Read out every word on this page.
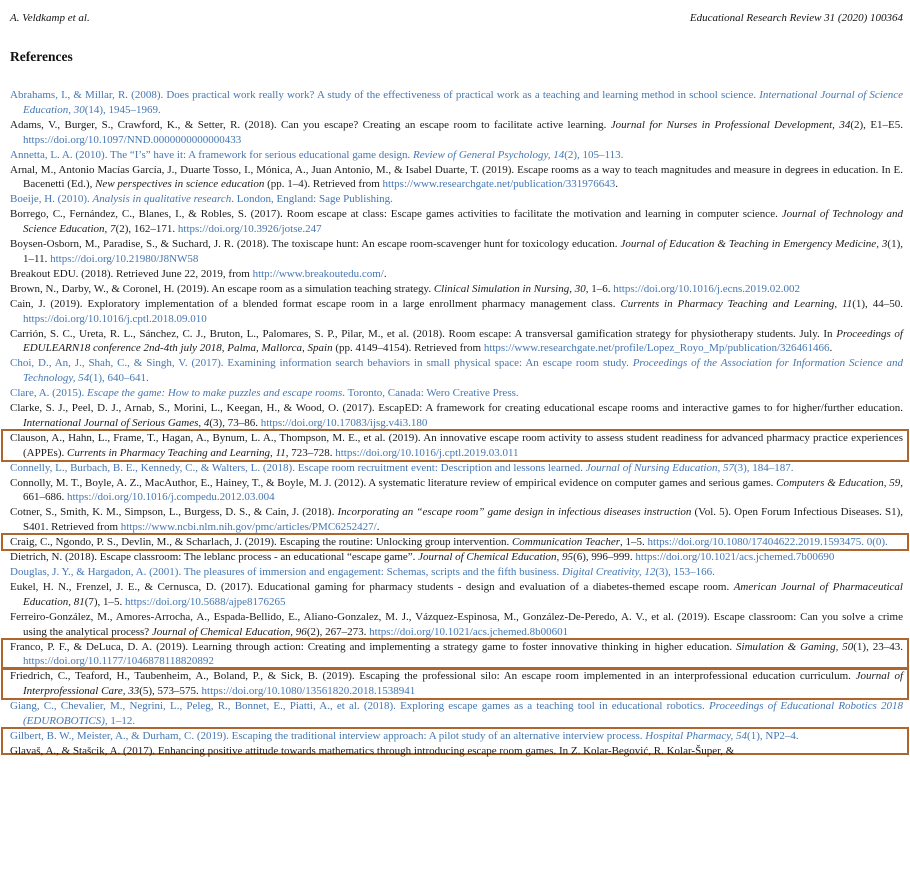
A. Veldkamp et al.	Educational Research Review 31 (2020) 100364
References

Abrahams, I., & Millar, R. (2008). Does practical work really work? A study of the effectiveness of practical work as a teaching and learning method in school science. International Journal of Science Education, 30(14), 1945–1969.

Adams, V., Burger, S., Crawford, K., & Setter, R. (2018). Can you escape? Creating an escape room to facilitate active learning. Journal for Nurses in Professional Development, 34(2), E1–E5. https://doi.org/10.1097/NND.0000000000000433

Annetta, L. A. (2010). The “I’s” have it: A framework for serious educational game design. Review of General Psychology, 14(2), 105–113.

Arnal, M., Antonio Macías García, J., Duarte Tosso, I., Mónica, A., Juan Antonio, M., & Isabel Duarte, T. (2019). Escape rooms as a way to teach magnitudes and measure in degrees in education. In E. Bacenetti (Ed.), New perspectives in science education (pp. 1–4). Retrieved from https://www.researchgate.net/publication/331976643.

Boeije, H. (2010). Analysis in qualitative research. London, England: Sage Publishing.

Borrego, C., Fernández, C., Blanes, I., & Robles, S. (2017). Room escape at class: Escape games activities to facilitate the motivation and learning in computer science. Journal of Technology and Science Education, 7(2), 162–171. https://doi.org/10.3926/jotse.247

Boysen-Osborn, M., Paradise, S., & Suchard, J. R. (2018). The toxiscape hunt: An escape room-scavenger hunt for toxicology education. Journal of Education & Teaching in Emergency Medicine, 3(1), 1–11. https://doi.org/10.21980/J8NW58

Breakout EDU. (2018). Retrieved June 22, 2019, from http://www.breakoutedu.com/.

Brown, N., Darby, W., & Coronel, H. (2019). An escape room as a simulation teaching strategy. Clinical Simulation in Nursing, 30, 1–6. https://doi.org/10.1016/j.ecns.2019.02.002

Cain, J. (2019). Exploratory implementation of a blended format escape room in a large enrollment pharmacy management class. Currents in Pharmacy Teaching and Learning, 11(1), 44–50. https://doi.org/10.1016/j.cptl.2018.09.010

Carrión, S. C., Ureta, R. L., Sánchez, C. J., Bruton, L., Palomares, S. P., Pilar, M., et al. (2018). Room escape: A transversal gamification strategy for physiotherapy students. July. In Proceedings of EDULEARN18 conference 2nd-4th july 2018, Palma, Mallorca, Spain (pp. 4149–4154). Retrieved from https://www.researchgate.net/profile/Lopez_Royo_Mp/publication/326461466.

Choi, D., An, J., Shah, C., & Singh, V. (2017). Examining information search behaviors in small physical space: An escape room study. Proceedings of the Association for Information Science and Technology, 54(1), 640–641.

Clare, A. (2015). Escape the game: How to make puzzles and escape rooms. Toronto, Canada: Wero Creative Press.

Clarke, S. J., Peel, D. J., Arnab, S., Morini, L., Keegan, H., & Wood, O. (2017). EscapED: A framework for creating educational escape rooms and interactive games to for higher/further education. International Journal of Serious Games, 4(3), 73–86. https://doi.org/10.17083/ijsg.v4i3.180

Clauson, A., Hahn, L., Frame, T., Hagan, A., Bynum, L. A., Thompson, M. E., et al. (2019). An innovative escape room activity to assess student readiness for advanced pharmacy practice experiences (APPEs). Currents in Pharmacy Teaching and Learning, 11, 723–728. https://doi.org/10.1016/j.cptl.2019.03.011

Connelly, L., Burbach, B. E., Kennedy, C., & Walters, L. (2018). Escape room recruitment event: Description and lessons learned. Journal of Nursing Education, 57(3), 184–187.

Connolly, M. T., Boyle, A. Z., MacAuthor, E., Hainey, T., & Boyle, M. J. (2012). A systematic literature review of empirical evidence on computer games and serious games. Computers & Education, 59, 661–686. https://doi.org/10.1016/j.compedu.2012.03.004

Cotner, S., Smith, K. M., Simpson, L., Burgess, D. S., & Cain, J. (2018). Incorporating an “escape room” game design in infectious diseases instruction (Vol. 5). Open Forum Infectious Diseases. S1), S401. Retrieved from https://www.ncbi.nlm.nih.gov/pmc/articles/PMC6252427/.

Craig, C., Ngondo, P. S., Devlin, M., & Scharlach, J. (2019). Escaping the routine: Unlocking group intervention. Communication Teacher, 1–5. https://doi.org/10.1080/17404622.2019.1593475. 0(0).

Dietrich, N. (2018). Escape classroom: The leblanc process - an educational “escape game”. Journal of Chemical Education, 95(6), 996–999. https://doi.org/10.1021/acs.jchemed.7b00690

Douglas, J. Y., & Hargadon, A. (2001). The pleasures of immersion and engagement: Schemas, scripts and the fifth business. Digital Creativity, 12(3), 153–166.

Eukel, H. N., Frenzel, J. E., & Cernusca, D. (2017). Educational gaming for pharmacy students - design and evaluation of a diabetes-themed escape room. American Journal of Pharmaceutical Education, 81(7), 1–5. https://doi.org/10.5688/ajpe8176265

Ferreiro-González, M., Amores-Arrocha, A., Espada-Bellido, E., Aliano-Gonzalez, M. J., Vázquez-Espinosa, M., González-De-Peredo, A. V., et al. (2019). Escape classroom: Can you solve a crime using the analytical process? Journal of Chemical Education, 96(2), 267–273. https://doi.org/10.1021/acs.jchemed.8b00601

Franco, P. F., & DeLuca, D. A. (2019). Learning through action: Creating and implementing a strategy game to foster innovative thinking in higher education. Simulation & Gaming, 50(1), 23–43. https://doi.org/10.1177/1046878118820892

Friedrich, C., Teaford, H., Taubenheim, A., Boland, P., & Sick, B. (2019). Escaping the professional silo: An escape room implemented in an interprofessional education curriculum. Journal of Interprofessional Care, 33(5), 573–575. https://doi.org/10.1080/13561820.2018.1538941

Giang, C., Chevalier, M., Negrini, L., Peleg, R., Bonnet, E., Piatti, A., et al. (2018). Exploring escape games as a teaching tool in educational robotics. Proceedings of Educational Robotics 2018 (EDUROBOTICS), 1–12.

Gilbert, B. W., Meister, A., & Durham, C. (2019). Escaping the traditional interview approach: A pilot study of an alternative interview process. Hospital Pharmacy, 54(1), NP2–4.

Glavaš, A., & Stašcik, A. (2017). Enhancing positive attitude towards mathematics through introducing escape room games. In Z. Kolar-Begović, R. Kolar-Šuper, &
